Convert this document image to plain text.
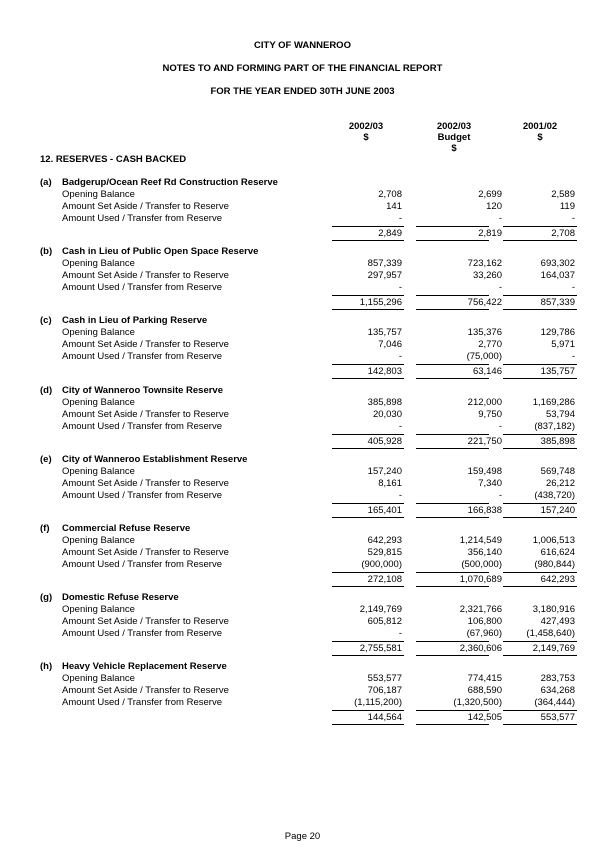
CITY OF WANNEROO
NOTES TO AND FORMING PART OF THE FINANCIAL REPORT
FOR THE YEAR ENDED 30TH JUNE 2003
2002/03
$
2002/03
Budget
$
2001/02
$
12. RESERVES - CASH BACKED
(a) Badgerup/Ocean Reef Rd Construction Reserve
Opening Balance	2,708	2,699	2,589
Amount Set Aside / Transfer to Reserve	141	120	119
Amount Used / Transfer from Reserve	-	-	-
2,849	2,819	2,708
(b) Cash in Lieu of Public Open Space Reserve
Opening Balance	857,339	723,162	693,302
Amount Set Aside / Transfer to Reserve	297,957	33,260	164,037
Amount Used / Transfer from Reserve	-	-	-
1,155,296	756,422	857,339
(c) Cash in Lieu of Parking Reserve
Opening Balance	135,757	135,376	129,786
Amount Set Aside / Transfer to Reserve	7,046	2,770	5,971
Amount Used / Transfer from Reserve	-	(75,000)	-
142,803	63,146	135,757
(d) City of Wanneroo Townsite Reserve
Opening Balance	385,898	212,000	1,169,286
Amount Set Aside / Transfer to Reserve	20,030	9,750	53,794
Amount Used / Transfer from Reserve	-	-	(837,182)
405,928	221,750	385,898
(e) City of Wanneroo Establishment Reserve
Opening Balance	157,240	159,498	569,748
Amount Set Aside / Transfer to Reserve	8,161	7,340	26,212
Amount Used / Transfer from Reserve	-	-	(438,720)
165,401	166,838	157,240
(f) Commercial Refuse Reserve
Opening Balance	642,293	1,214,549	1,006,513
Amount Set Aside / Transfer to Reserve	529,815	356,140	616,624
Amount Used / Transfer from Reserve	(900,000)	(500,000)	(980,844)
272,108	1,070,689	642,293
(g) Domestic Refuse Reserve
Opening Balance	2,149,769	2,321,766	3,180,916
Amount Set Aside / Transfer to Reserve	605,812	106,800	427,493
Amount Used / Transfer from Reserve	-	(67,960)	(1,458,640)
2,755,581	2,360,606	2,149,769
(h) Heavy Vehicle Replacement Reserve
Opening Balance	553,577	774,415	283,753
Amount Set Aside / Transfer to Reserve	706,187	688,590	634,268
Amount Used / Transfer from Reserve	(1,115,200)	(1,320,500)	(364,444)
144,564	142,505	553,577
Page 20
